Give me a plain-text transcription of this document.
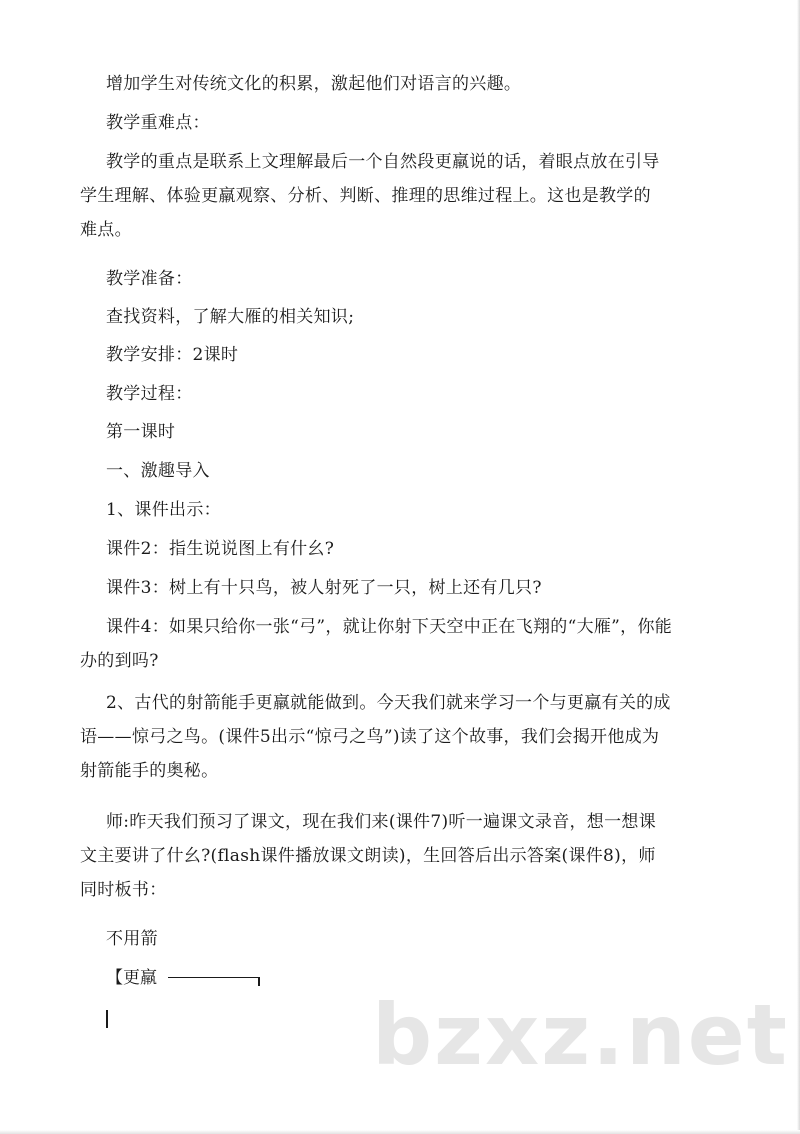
增加学生对传统文化的积累，激起他们对语言的兴趣。
教学重难点：
教学的重点是联系上文理解最后一个自然段更羸说的话，着眼点放在引导
学生理解、体验更羸观察、分析、判断、推理的思维过程上。这也是教学的
难点。
教学准备：
查找资料，了解大雁的相关知识;
教学安排：2课时
教学过程：
第一课时
一、激趣导入
1、课件出示：
课件2：指生说说图上有什幺?
课件3：树上有十只鸟，被人射死了一只，树上还有几只?
课件4：如果只给你一张“弓”，就让你射下天空中正在飞翔的“大雁”，你能
办的到吗?
2、古代的射箭能手更羸就能做到。今天我们就来学习一个与更羸有关的成
语——惊弓之鸟。(课件5出示“惊弓之鸟”)读了这个故事，我们会揭开他成为
射箭能手的奥秘。
师:昨天我们预习了课文，现在我们来(课件7)听一遍课文录音，想一想课
文主要讲了什幺?(flash课件播放课文朗读)，生回答后出示答案(课件8)，师
同时板书：
不用箭
【更羸
bzxz.net
